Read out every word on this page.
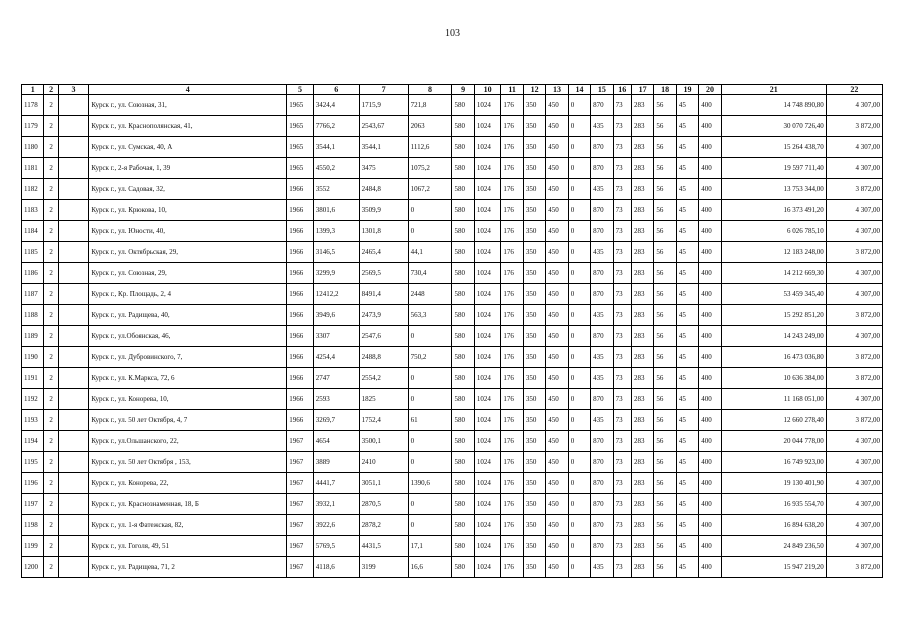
103
1	2	3	4	5	6	7	8	9	10	11	12	13	14	15	16	17	18	19	20	21	22
1178	2		Курск г., ул. Союзная, 31,	1965	3424,4	1715,9	721,8	580	1024	176	350	450	0	870	73	283	56	45	400	14 748 890,80	4 307,00
1179	2		Курск г., ул. Краснополянская, 41,	1965	7766,2	2543,67	2063	580	1024	176	350	450	0	435	73	283	56	45	400	30 070 726,40	3 872,00
1180	2		Курск г., ул. Сумская, 40, А	1965	3544,1	3544,1	1112,6	580	1024	176	350	450	0	870	73	283	56	45	400	15 264 438,70	4 307,00
1181	2		Курск г., 2-я Рабочая, 1, 39	1965	4550,2	3475	1075,2	580	1024	176	350	450	0	870	73	283	56	45	400	19 597 711,40	4 307,00
1182	2		Курск г., ул. Садовая, 32,	1966	3552	2484,8	1067,2	580	1024	176	350	450	0	435	73	283	56	45	400	13 753 344,00	3 872,00
1183	2		Курск г., ул. Крюкова, 10,	1966	3801,6	3509,9	0	580	1024	176	350	450	0	870	73	283	56	45	400	16 373 491,20	4 307,00
1184	2		Курск г., ул. Юности, 40,	1966	1399,3	1301,8	0	580	1024	176	350	450	0	870	73	283	56	45	400	6 026 785,10	4 307,00
1185	2		Курск г., ул. Октябрьская, 29,	1966	3146,5	2465,4	44,1	580	1024	176	350	450	0	435	73	283	56	45	400	12 183 248,00	3 872,00
1186	2		Курск г., ул. Союзная, 29,	1966	3299,9	2569,5	730,4	580	1024	176	350	450	0	870	73	283	56	45	400	14 212 669,30	4 307,00
1187	2		Курск г., Кр. Площадь, 2, 4	1966	12412,2	8491,4	2448	580	1024	176	350	450	0	870	73	283	56	45	400	53 459 345,40	4 307,00
1188	2		Курск г., ул. Радищева, 40,	1966	3949,6	2473,9	563,3	580	1024	176	350	450	0	435	73	283	56	45	400	15 292 851,20	3 872,00
1189	2		Курск г., ул.Обоянская, 46,	1966	3307	2547,6	0	580	1024	176	350	450	0	870	73	283	56	45	400	14 243 249,00	4 307,00
1190	2		Курск г., ул. Дубровинского, 7,	1966	4254,4	2488,8	750,2	580	1024	176	350	450	0	435	73	283	56	45	400	16 473 036,80	3 872,00
1191	2		Курск г., ул. К.Маркса, 72, 6	1966	2747	2554,2	0	580	1024	176	350	450	0	435	73	283	56	45	400	10 636 384,00	3 872,00
1192	2		Курск г., ул. Конорева, 10,	1966	2593	1825	0	580	1024	176	350	450	0	870	73	283	56	45	400	11 168 051,00	4 307,00
1193	2		Курск г., ул. 50 лет Октября, 4, 7	1966	3269,7	1752,4	61	580	1024	176	350	450	0	435	73	283	56	45	400	12 660 278,40	3 872,00
1194	2		Курск г., ул.Ольшанского, 22,	1967	4654	3500,1	0	580	1024	176	350	450	0	870	73	283	56	45	400	20 044 778,00	4 307,00
1195	2		Курск г., ул. 50 лет Октября , 153,	1967	3889	2410	0	580	1024	176	350	450	0	870	73	283	56	45	400	16 749 923,00	4 307,00
1196	2		Курск г., ул. Конорева, 22,	1967	4441,7	3051,1	1390,6	580	1024	176	350	450	0	870	73	283	56	45	400	19 130 401,90	4 307,00
1197	2		Курск г., ул. Краснознаменная, 18, Б	1967	3932,1	2870,5	0	580	1024	176	350	450	0	870	73	283	56	45	400	16 935 554,70	4 307,00
1198	2		Курск г., ул. 1-я Фатежская, 82,	1967	3922,6	2878,2	0	580	1024	176	350	450	0	870	73	283	56	45	400	16 894 638,20	4 307,00
1199	2		Курск г., ул. Гоголя, 49, 51	1967	5769,5	4431,5	17,1	580	1024	176	350	450	0	870	73	283	56	45	400	24 849 236,50	4 307,00
1200	2		Курск г., ул. Радищева, 71, 2	1967	4118,6	3199	16,6	580	1024	176	350	450	0	435	73	283	56	45	400	15 947 219,20	3 872,00
